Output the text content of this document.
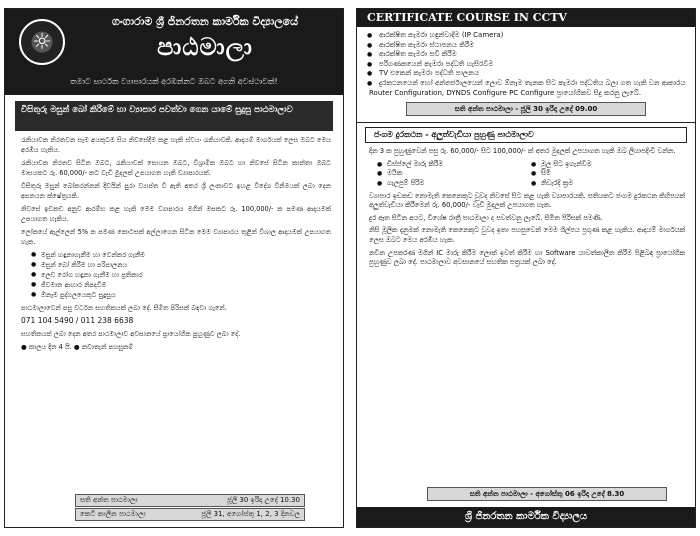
☼
ගංගාරාම ශ්‍රී ජිනරතන කාර්මික විද්‍යාලයේ
පාඨමාලා
තමාට සාර්ථක ව්‍යාපාරයක් අරඹන්නට ඔබට අගනි අවස්ථාවක්!
විසිතුරු මසුන් බෝ කිරීමේ හා ව්‍යාපාර පවත්වා ගෙන යාමේ සුදුසු පාඨමාලාව

රැකියාවක නිරතවන සෑම අයකුටම සිය නිවසේදීම කළ හැකි ස්වයං රැකියාවකි. ආදායම් මාර්ගයක් ලෙස ඔබට මෙය අරඹිය හැකිය.

රැකියාවක නිරතව සිටින ඔබට, රැකියාවක් සොයන ඔබට, විශ්‍රාමික ඔබට හා නිවසේ සිටින කාන්තා ඔබට මාසයකට රු. 60,000/- කට වැඩි මුදලක් උපයාගත හැකි ව්‍යාපාරයක්.

විසිතුරු මසුන් බෝකරන්නන් දිවයින් පුරා ව්‍යාප්ත වී ඇති අතර ශ්‍රී ලංකාවට ඉහළ විදේශ විනිමයක් ලබා දෙන අපනයන ක්ෂේත්‍රයකි.

නිවසේ ඉඩකඩ අනුව ආරම්භ කළ හැකි මෙම ව්‍යාපාරය මගින් මසකට රු. 100,000/- ක පමණ ආදායමක් උපයාගත හැකිය.

ලෝකයේ ඇල්ලෙන් 5% ක පමණ කොටසක් අල්ලාගෙන සිටින මෙම ව්‍යාපාරය තුළින් විශාල ආදායමක් උපයාගත හැක.

● මසුන් හඳුනාගැනීම හා වෙන්කර ගැනීම
● මසුන් බෝ කිරීම හා පරිපාලනය
● ලෙඩ රෝග හඳුනා ගැනීම හා ප්‍රතිකාර
● ජීවමාන ආහාර නිපදවීම
● ඕනෑම පුද්ගලයෙකුට සුදුසුය

පාඨමාලාවෙන් පසු වර්ධන සහතිකයක් ලබා දේ. සීමිත පිරිසක් බඳවා ගැනේ.

071 104 5490 / 011 238 6638

සහතිකයක් ලබා දෙන අතර පාඨමාලාව අවසානයේ ප්‍රායෝගික පුහුණුව ලබා දේ.

● කාලය දින 4 යි. ● නවාතැන් පහසුකම්

සති අන්ත පාඨමාලා	ජූලි 30 ඉරිදා උදේ 10.30
කෙටි කාලීන පාඨමාලා	ජූලි 31, අගෝස්තු 1, 2, 3 දිනවල
CERTIFICATE COURSE IN CCTV
● ආරක්ෂිත කැමරා හඳුන්වාදීම (IP Camera)
● ආරක්ෂිත කැමරා ස්ථාපනය කිරීම
● ආරක්ෂිත කැමරා සවි කිරීම
● පරිගණකයෙන් කැමරා පද්ධති හැසිරවීම
● TV එකෙන් කැමරා පද්ධති පාලනය
● දුරකථනයෙන් හෝ අන්තර්ජාලයෙන් ලොව ඕනෑම තැනක සිට කැමරා පද්ධතිය බලා ගත හැකි වන ආකාරය
Router Configuration, DYNDS Configure PC Configure ප්‍රායෝගිකව සිදු කරනු ලැබේ.
සති අන්ත පාඨමාලා - ජූලි 30 ඉරිදා උදේ 09.00
ජංගම දුරකථන - අලුත්වැඩියා පුහුණු පාඨමාලාව

දින 3 ක පුහුණුවෙන් පසු රු. 60,000/- සිට 100,000/- ක් අතර මුදලක් උපයාගත හැකි ඔබ ලියාපදිංචි වන්න.

● ඩිස්ප්ලේ මාරු කිරීම	● මුල සිට ඉගැන්වීම
● මයික	● සිමි
● ගැලපුම් පිරිම	● නිවැරදි ක්‍රම

ව්‍යාපාර ඉඩකඩ නොමැති කෙනෙකුට වුවද නිවසේ සිට කළ හැකි ව්‍යාපාරයකි. සතියකට ජංගම දුරකථන කිහිපයක් අලුත්වැඩියා කිරීමෙන් රු. 60,000/- වැඩි මුදලක් උපයාගත හැක.

දුර ඈත සිටින අයට, විශේෂ රාත්‍රී පාඨමාලා ද පවත්වනු ලැබේ. සීමිත පිරිසක් පමණි.

නිසි මූලික දැනුමක් නොමැති කෙනෙකුට වුවද ඉතා පහසුවෙන් මෙම ශිල්පය ප්‍රගුණ කළ හැකිය. ආදායම් මාර්ගයක් ලෙස ඔබට මෙය අරඹිය හැක.

නවීන උපකරණ මගින් IC මාරු කිරීම ලොක් ඉවත් කිරීම හා Software යාවත්කාලීන කිරීම පිළිබඳ ප්‍රායෝගික පුහුණුව ලබා දේ. පාඨමාලාව අවසානයේ සහතික පත්‍රයක් ලබා දේ.

සති අන්ත පාඨමාලා - අගෝස්තු 06 ඉරිදා උදේ 8.30
ශ්‍රී ජිනරතන කාර්මික විද්‍යාලය
